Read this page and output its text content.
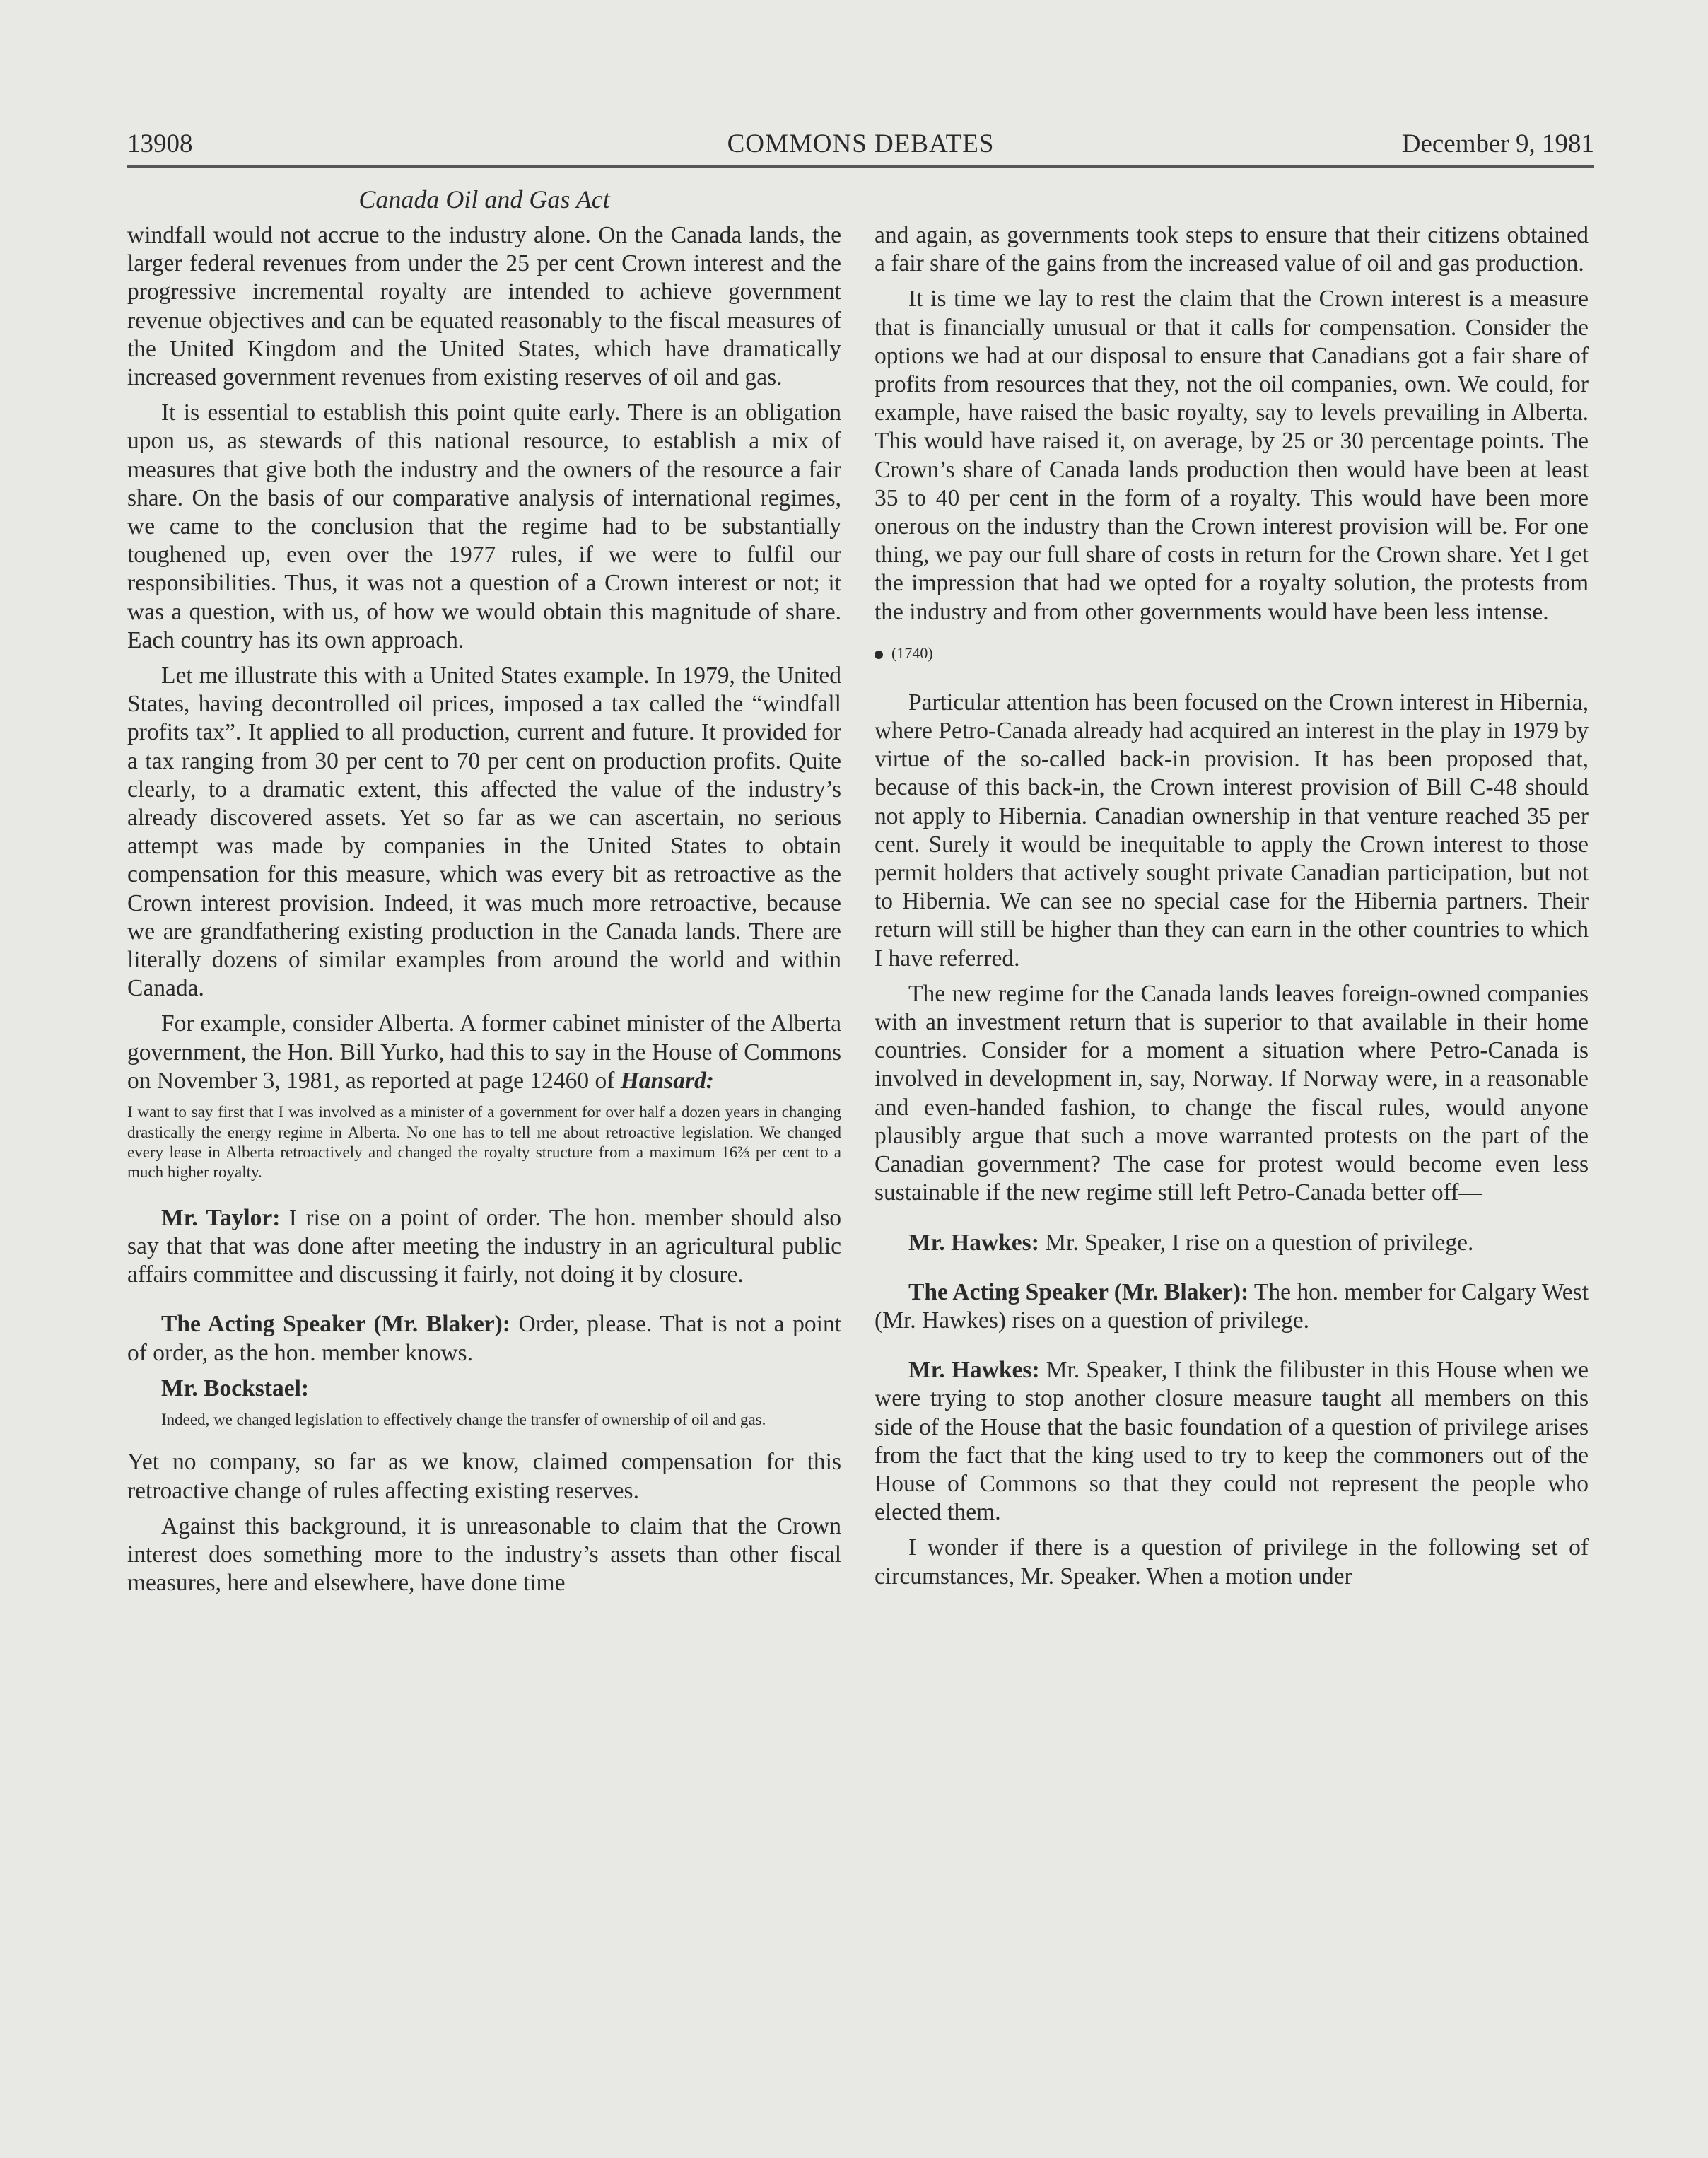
13908	COMMONS DEBATES	December 9, 1981
Canada Oil and Gas Act

windfall would not accrue to the industry alone. On the Canada lands, the larger federal revenues from under the 25 per cent Crown interest and the progressive incremental royalty are intended to achieve government revenue objectives and can be equated reasonably to the fiscal measures of the United Kingdom and the United States, which have dramatically increased government revenues from existing reserves of oil and gas.

It is essential to establish this point quite early. There is an obligation upon us, as stewards of this national resource, to establish a mix of measures that give both the industry and the owners of the resource a fair share. On the basis of our comparative analysis of international regimes, we came to the conclusion that the regime had to be substantially toughened up, even over the 1977 rules, if we were to fulfil our responsibilities. Thus, it was not a question of a Crown interest or not; it was a question, with us, of how we would obtain this magnitude of share. Each country has its own approach.

Let me illustrate this with a United States example. In 1979, the United States, having decontrolled oil prices, imposed a tax called the “windfall profits tax”. It applied to all production, current and future. It provided for a tax ranging from 30 per cent to 70 per cent on production profits. Quite clearly, to a dramatic extent, this affected the value of the industry’s already discovered assets. Yet so far as we can ascertain, no serious attempt was made by companies in the United States to obtain compensation for this measure, which was every bit as retroactive as the Crown interest provision. Indeed, it was much more retroactive, because we are grandfathering existing production in the Canada lands. There are literally dozens of similar examples from around the world and within Canada.

For example, consider Alberta. A former cabinet minister of the Alberta government, the Hon. Bill Yurko, had this to say in the House of Commons on November 3, 1981, as reported at page 12460 of Hansard:

I want to say first that I was involved as a minister of a government for over half a dozen years in changing drastically the energy regime in Alberta. No one has to tell me about retroactive legislation. We changed every lease in Alberta retroactively and changed the royalty structure from a maximum 16⅔ per cent to a much higher royalty.

Mr. Taylor: I rise on a point of order. The hon. member should also say that that was done after meeting the industry in an agricultural public affairs committee and discussing it fairly, not doing it by closure.

The Acting Speaker (Mr. Blaker): Order, please. That is not a point of order, as the hon. member knows.

Mr. Bockstael:

Indeed, we changed legislation to effectively change the transfer of ownership of oil and gas.

Yet no company, so far as we know, claimed compensation for this retroactive change of rules affecting existing reserves.

Against this background, it is unreasonable to claim that the Crown interest does something more to the industry’s assets than other fiscal measures, here and elsewhere, have done time

and again, as governments took steps to ensure that their citizens obtained a fair share of the gains from the increased value of oil and gas production.

It is time we lay to rest the claim that the Crown interest is a measure that is financially unusual or that it calls for compensation. Consider the options we had at our disposal to ensure that Canadians got a fair share of profits from resources that they, not the oil companies, own. We could, for example, have raised the basic royalty, say to levels prevailing in Alberta. This would have raised it, on average, by 25 or 30 percentage points. The Crown’s share of Canada lands production then would have been at least 35 to 40 per cent in the form of a royalty. This would have been more onerous on the industry than the Crown interest provision will be. For one thing, we pay our full share of costs in return for the Crown share. Yet I get the impression that had we opted for a royalty solution, the protests from the industry and from other governments would have been less intense.

(1740)

Particular attention has been focused on the Crown interest in Hibernia, where Petro-Canada already had acquired an interest in the play in 1979 by virtue of the so-called back-in provision. It has been proposed that, because of this back-in, the Crown interest provision of Bill C-48 should not apply to Hibernia. Canadian ownership in that venture reached 35 per cent. Surely it would be inequitable to apply the Crown interest to those permit holders that actively sought private Canadian participation, but not to Hibernia. We can see no special case for the Hibernia partners. Their return will still be higher than they can earn in the other countries to which I have referred.

The new regime for the Canada lands leaves foreign-owned companies with an investment return that is superior to that available in their home countries. Consider for a moment a situation where Petro-Canada is involved in development in, say, Norway. If Norway were, in a reasonable and even-handed fashion, to change the fiscal rules, would anyone plausibly argue that such a move warranted protests on the part of the Canadian government? The case for protest would become even less sustainable if the new regime still left Petro-Canada better off—

Mr. Hawkes: Mr. Speaker, I rise on a question of privilege.

The Acting Speaker (Mr. Blaker): The hon. member for Calgary West (Mr. Hawkes) rises on a question of privilege.

Mr. Hawkes: Mr. Speaker, I think the filibuster in this House when we were trying to stop another closure measure taught all members on this side of the House that the basic foundation of a question of privilege arises from the fact that the king used to try to keep the commoners out of the House of Commons so that they could not represent the people who elected them.

I wonder if there is a question of privilege in the following set of circumstances, Mr. Speaker. When a motion under
